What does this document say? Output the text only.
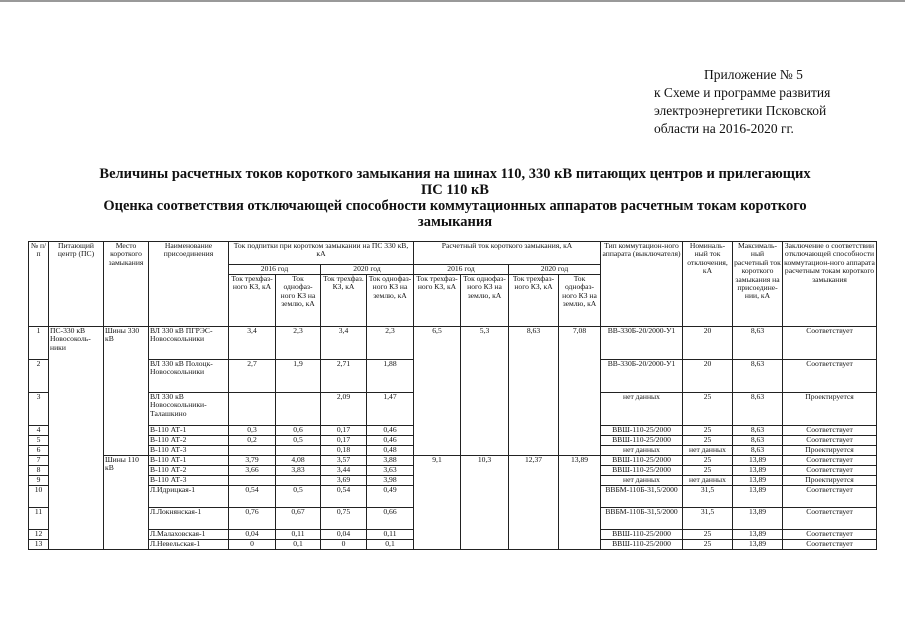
Приложение № 5
к Схеме и программе развития
электроэнергетики Псковской
области на 2016-2020 гг.
Величины расчетных токов короткого замыкания на шинах 110, 330 кВ питающих центров и прилегающих
ПС 110 кВ
Оценка соответствия отключающей способности коммутационных аппаратов расчетным токам короткого
замыкания
№ п/п	Питающий центр (ПС)	Место короткого замыкания	Наименование присоединения	Ток подпитки при коротком замыкании на ПС 330 кВ, кА				Расчетный ток короткого замыкания, кА				Тип коммутацион-ного аппарата (выключателя)	Номиналь-ный ток отключения, кА	Максималь-ный расчетный ток короткого замыкания на присоедине-нии, кА	Заключение о соответствии отключающей способности коммутацион-ного аппарата расчетным токам короткого замыкания
				2016 год		2020 год		2016 год		2020 год					
				Ток трехфаз-ного КЗ, кА	Ток однофаз-ного КЗ на землю, кА	Ток трехфаз. КЗ, кА	Ток однофаз-ного КЗ на землю, кА	Ток трехфаз-ного КЗ, кА	Ток однофаз-ного КЗ на землю, кА	Ток трехфаз-ного КЗ, кА	Ток однофаз-ного КЗ на землю, кА				
1	ПС-330 кВ Новосоколь-ники	Шины 330 кВ	ВЛ 330 кВ ПГРЭС-Новосокольники	3,4	2,3	3,4	2,3	6,5	5,3	8,63	7,08	ВВ-330Б-20/2000-У1	20	8,63	Соответствует
2			ВЛ 330 кВ Полоцк-Новосокольники	2,7	1,9	2,71	1,88					ВВ-330Б-20/2000-У1	20	8,63	Соответствует
3			ВЛ 330 кВ Новосокольники-Талашкино			2,09	1,47					нет данных	25	8,63	Проектируется
4			В-110 АТ-1	0,3	0,6	0,17	0,46					ВВШ-110-25/2000	25	8,63	Соответствует
5			В-110 АТ-2	0,2	0,5	0,17	0,46					ВВШ-110-25/2000	25	8,63	Соответствует
6			В-110 АТ-3			0,18	0,48					нет данных	нет данных	8,63	Проектируется
7		Шины 110 кВ	В-110 АТ-1	3,79	4,08	3,57	3,88	9,1	10,3	12,37	13,89	ВВШ-110-25/2000	25	13,89	Соответствует
8			В-110 АТ-2	3,66	3,83	3,44	3,63					ВВШ-110-25/2000	25	13,89	Соответствует
9			В-110 АТ-3			3,69	3,98					нет данных	нет данных	13,89	Проектируется
10			Л.Идрицкая-1	0,54	0,5	0,54	0,49					ВВБМ-110Б-31,5/2000	31,5	13,89	Соответствует
11			Л.Локнянская-1	0,76	0,67	0,75	0,66					ВВБМ-110Б-31,5/2000	31,5	13,89	Соответствует
12			Л.Малаховская-1	0,04	0,11	0,04	0,11					ВВШ-110-25/2000	25	13,89	Соответствует
13			Л.Невельская-1	0	0,1	0	0,1					ВВШ-110-25/2000	25	13,89	Соответствует
